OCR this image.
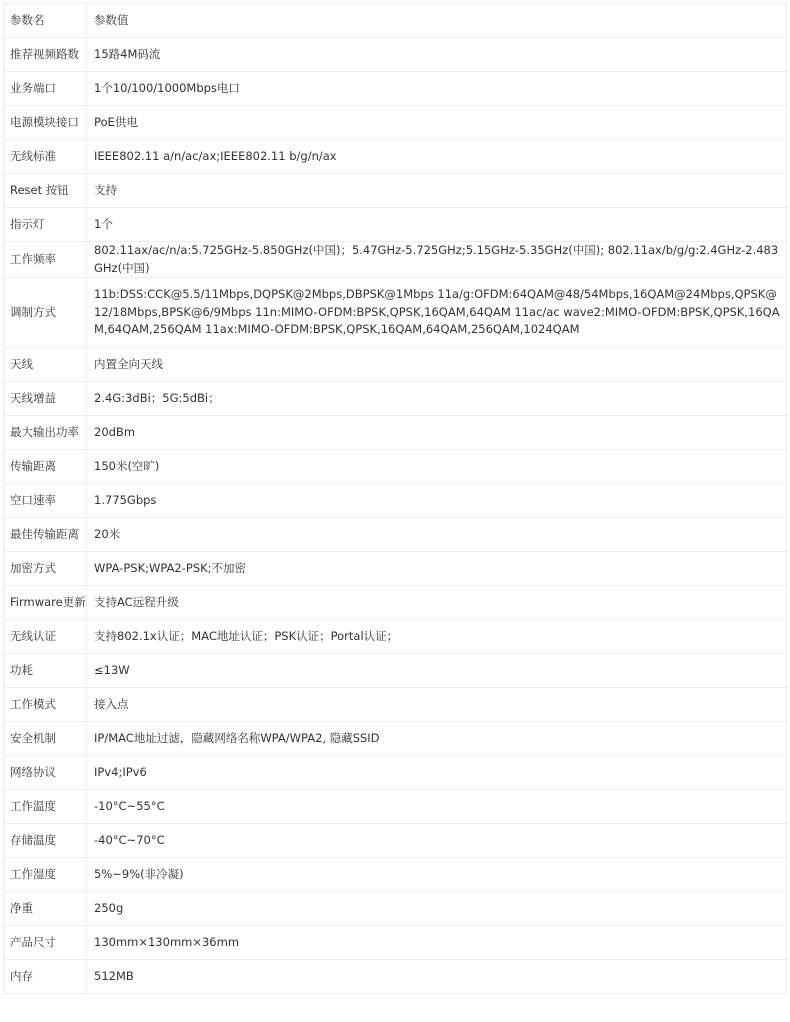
参数名	参数值
推荐视频路数	15路4M码流
业务端口	1个10/100/1000Mbps电口
电源模块接口	PoE供电
无线标准	IEEE802.11 a/n/ac/ax;IEEE802.11 b/g/n/ax
Reset 按钮	支持
指示灯	1个
工作频率	802.11ax/ac/n/a:5.725GHz-5.850GHz(中国)；5.47GHz-5.725GHz;5.15GHz-5.35GHz(中国); 802.11ax/b/g/g:2.4GHz-2.483GHz(中国)
调制方式	11b:DSS:CCK@5.5/11Mbps,DQPSK@2Mbps,DBPSK@1Mbps 11a/g:OFDM:64QAM@48/54Mbps,16QAM@24Mbps,QPSK@12/18Mbps,BPSK@6/9Mbps 11n:MIMO-OFDM:BPSK,QPSK,16QAM,64QAM 11ac/ac wave2:MIMO-OFDM:BPSK,QPSK,16QAM,64QAM,256QAM 11ax:MIMO-OFDM:BPSK,QPSK,16QAM,64QAM,256QAM,1024QAM
天线	内置全向天线
天线增益	2.4G:3dBi；5G:5dBi；
最大输出功率	20dBm
传输距离	150米(空旷)
空口速率	1.775Gbps
最佳传输距离	20米
加密方式	WPA-PSK;WPA2-PSK;不加密
Firmware更新	支持AC远程升级
无线认证	支持802.1x认证；MAC地址认证；PSK认证；Portal认证；
功耗	≤13W
工作模式	接入点
安全机制	IP/MAC地址过滤，隐藏网络名称WPA/WPA2, 隐藏SSID
网络协议	IPv4;IPv6
工作温度	-10°C~55°C
存储温度	-40°C~70°C
工作湿度	5%~9%(非冷凝)
净重	250g
产品尺寸	130mm×130mm×36mm
内存	512MB
